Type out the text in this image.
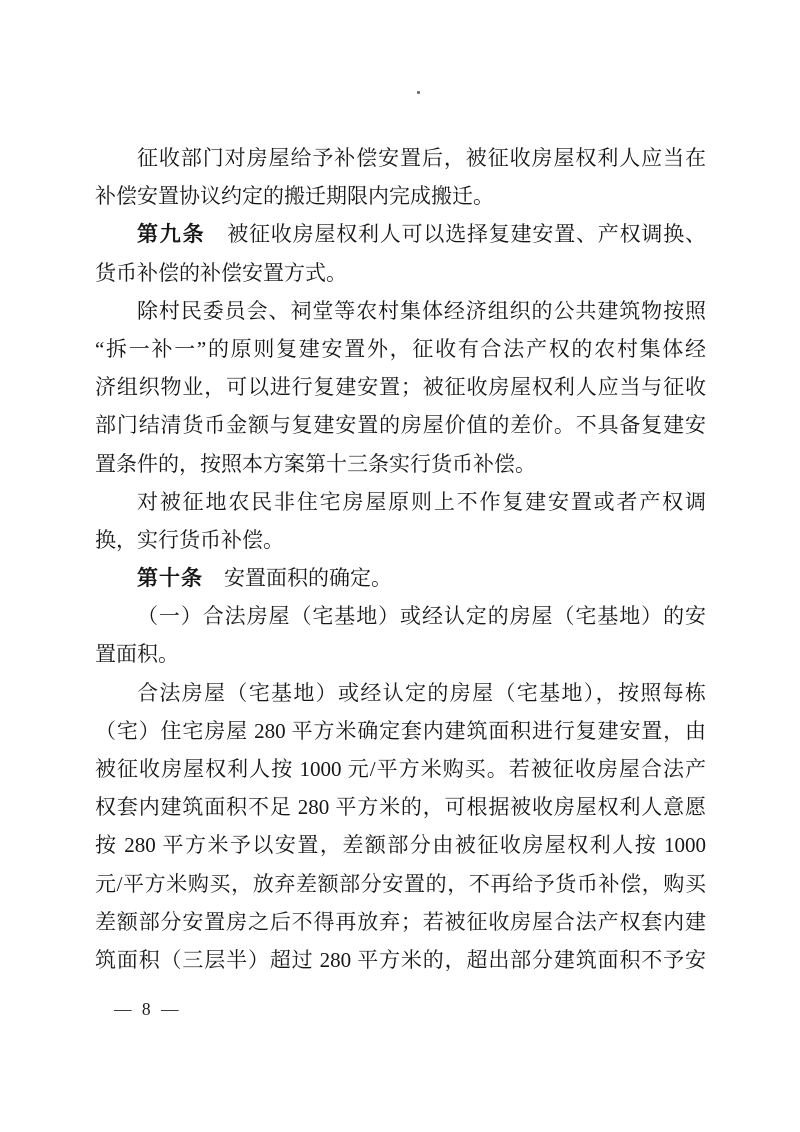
征收部门对房屋给予补偿安置后，被征收房屋权利人应当在
补偿安置协议约定的搬迁期限内完成搬迁。
第九条　被征收房屋权利人可以选择复建安置、产权调换、
货币补偿的补偿安置方式。
除村民委员会、祠堂等农村集体经济组织的公共建筑物按照
“拆一补一”的原则复建安置外，征收有合法产权的农村集体经
济组织物业，可以进行复建安置；被征收房屋权利人应当与征收
部门结清货币金额与复建安置的房屋价值的差价。不具备复建安
置条件的，按照本方案第十三条实行货币补偿。
对被征地农民非住宅房屋原则上不作复建安置或者产权调
换，实行货币补偿。
第十条　安置面积的确定。
（一）合法房屋（宅基地）或经认定的房屋（宅基地）的安
置面积。
合法房屋（宅基地）或经认定的房屋（宅基地），按照每栋
（宅）住宅房屋 280 平方米确定套内建筑面积进行复建安置，由
被征收房屋权利人按 1000 元/平方米购买。若被征收房屋合法产
权套内建筑面积不足 280 平方米的，可根据被收房屋权利人意愿
按 280 平方米予以安置，差额部分由被征收房屋权利人按 1000
元/平方米购买，放弃差额部分安置的，不再给予货币补偿，购买
差额部分安置房之后不得再放弃；若被征收房屋合法产权套内建
筑面积（三层半）超过 280 平方米的，超出部分建筑面积不予安
— 8 —
